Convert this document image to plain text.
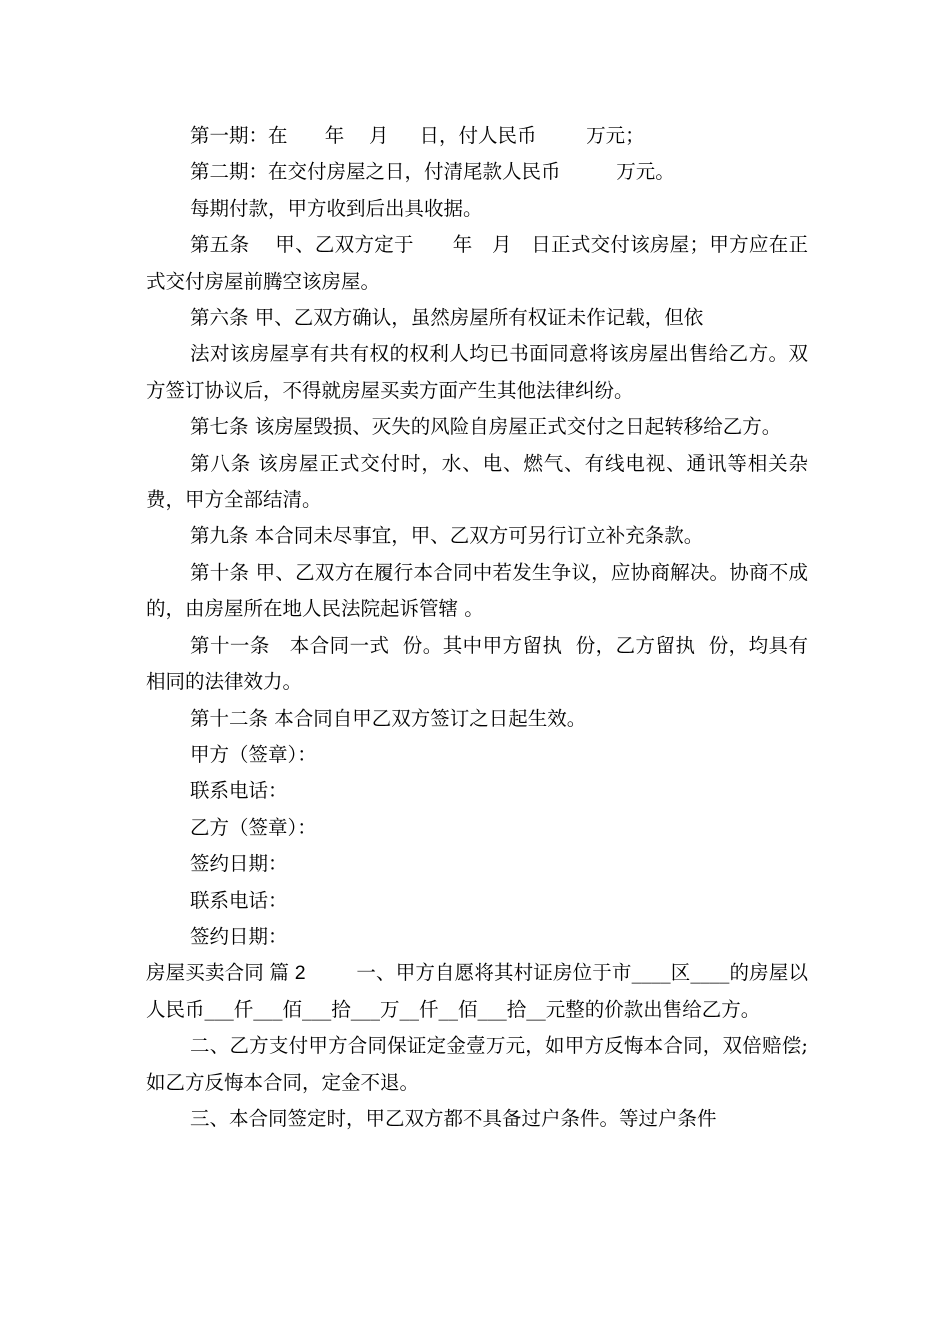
第一期：在      年    月     日，付人民币        万元；

第二期：在交付房屋之日，付清尾款人民币         万元。

每期付款，甲方收到后出具收据。

第五条    甲、乙双方定于      年   月   日正式交付该房屋；甲方应在正式交付房屋前腾空该房屋。

第六条 甲、乙双方确认，虽然房屋所有权证未作记载，但依

法对该房屋享有共有权的权利人均已书面同意将该房屋出售给乙方。双方签订协议后，不得就房屋买卖方面产生其他法律纠纷。

第七条 该房屋毁损、灭失的风险自房屋正式交付之日起转移给乙方。

第八条 该房屋正式交付时，水、电、燃气、有线电视、通讯等相关杂费，甲方全部结清。

第九条 本合同未尽事宜，甲、乙双方可另行订立补充条款。

第十条 甲、乙双方在履行本合同中若发生争议，应协商解决。协商不成的，由房屋所在地人民法院起诉管辖 。

第十一条   本合同一式  份。其中甲方留执  份，乙方留执  份，均具有相同的法律效力。

第十二条 本合同自甲乙双方签订之日起生效。

甲方（签章）：

联系电话：

乙方（签章）：

签约日期：

联系电话：

签约日期：

房屋买卖合同 篇 2        一、甲方自愿将其村证房位于市____区____的房屋以人民币___仟___佰___拾___万__仟__佰___拾__元整的价款出售给乙方。

二、乙方支付甲方合同保证定金壹万元，如甲方反悔本合同，双倍赔偿;如乙方反悔本合同，定金不退。

三、本合同签定时，甲乙双方都不具备过户条件。等过户条件
